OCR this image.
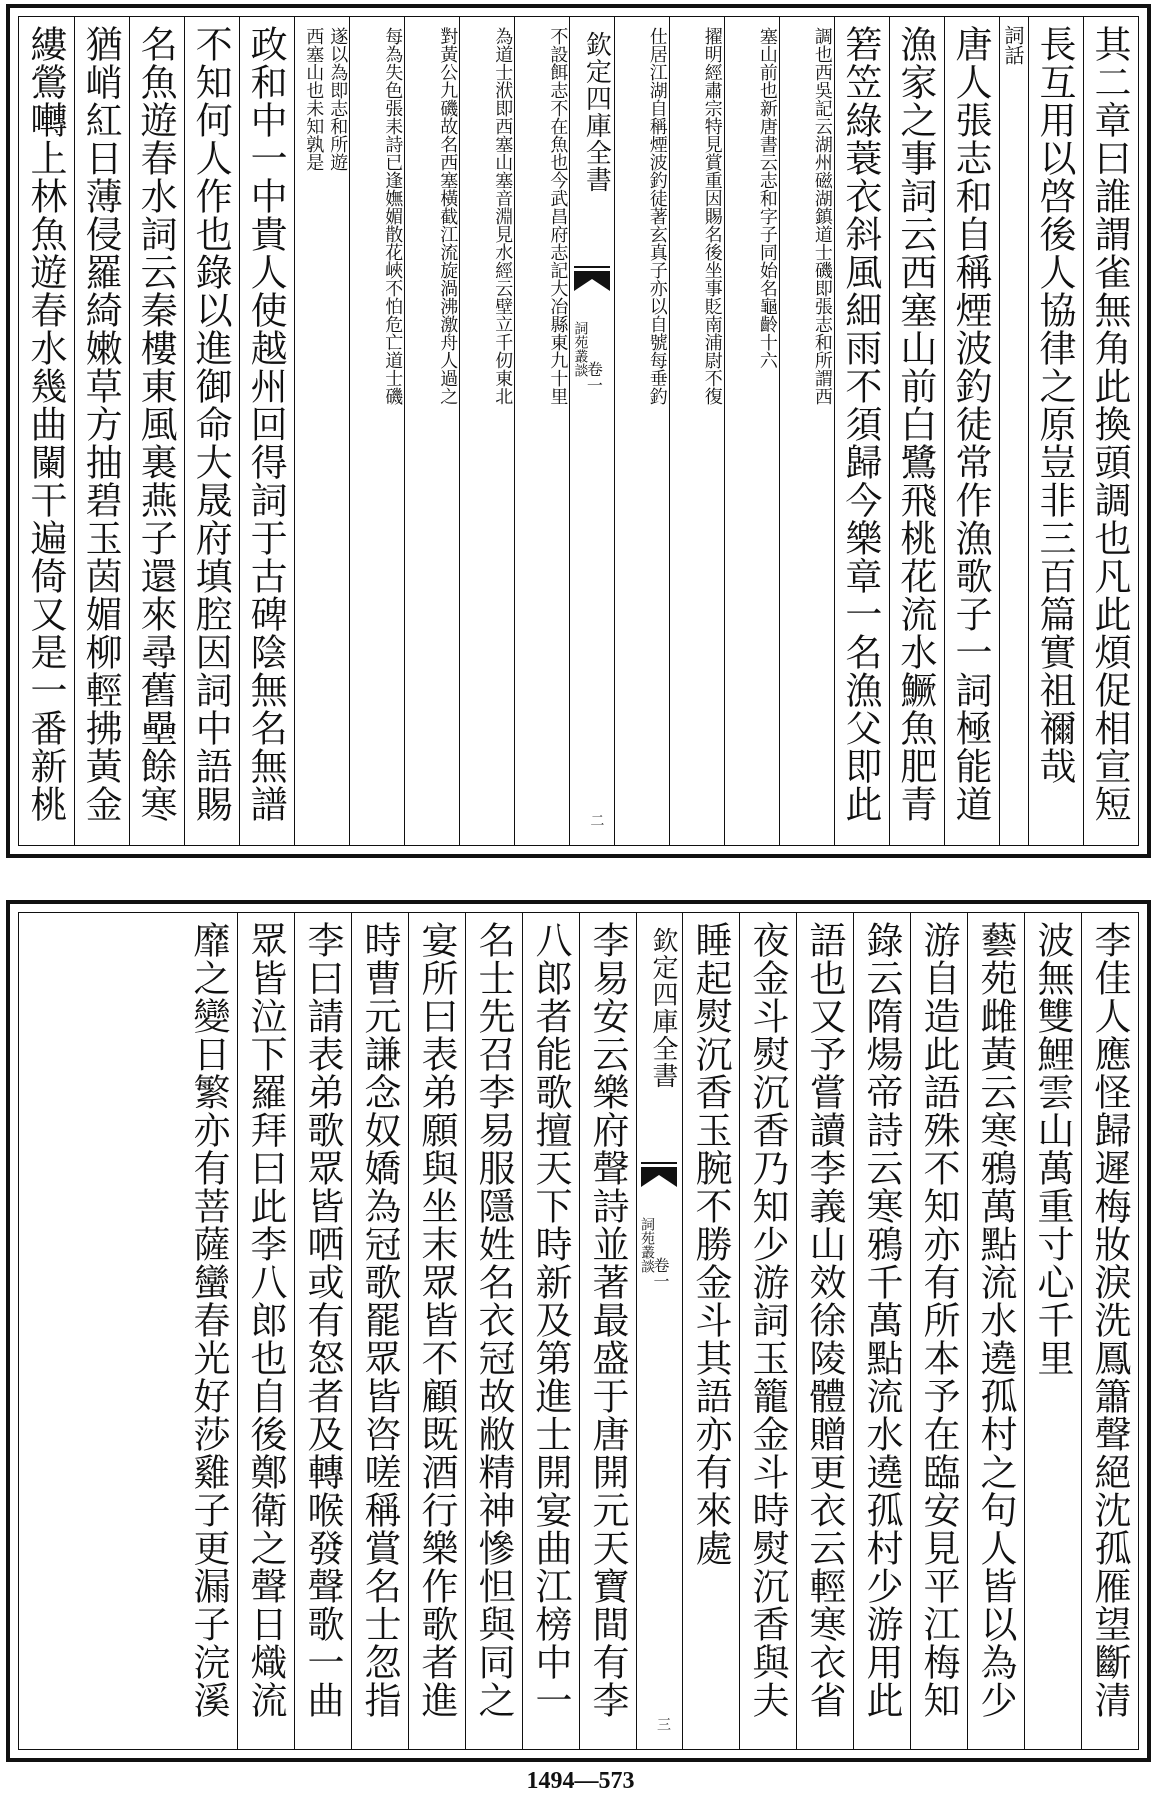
其二章曰誰謂雀無角此換頭調也凡此煩促相宣短
長互用以啓後人協律之原豈非三百篇實祖禰哉
詞話
唐人張志和自稱煙波釣徒常作漁歌子一詞極能道
漁家之事詞云西塞山前白鷺飛桃花流水鱖魚肥青
箬笠綠蓑衣斜風細雨不須歸今樂章一名漁父即此
調也西吳記云湖州磁湖鎮道士磯即張志和所謂西
塞山前也新唐書云志和字子同始名龜齡十六
擢明經肅宗特見賞重因賜名後坐事貶南浦尉不復
仕居江湖自稱煙波釣徒著玄真子亦以自號每垂釣
欽定四庫全書
詞苑叢談
卷一
二
不設餌志不在魚也今武昌府志記大冶縣東九十里
為道士洑即西塞山塞音淵見水經云壁立千仞東北
對黃公九磯故名西塞橫截江流旋渦沸激舟人過之
每為失色張耒詩已逢嫵媚散花峽不怕危亡道士磯
遂以為即志和所遊
西塞山也未知孰是
政和中一中貴人使越州回得詞于古碑陰無名無譜
不知何人作也錄以進御命大晟府填腔因詞中語賜
名魚遊春水詞云秦樓東風裏燕子還來尋舊壘餘寒
猶峭紅日薄侵羅綺嫩草方抽碧玉茵媚柳輕拂黃金
縷鶯囀上林魚遊春水幾曲闌干遍倚又是一番新桃
李佳人應怪歸遲梅妝淚洗鳳簫聲絕沈孤雁望斷清
波無雙鯉雲山萬重寸心千里
藝苑雌黃云寒鴉萬點流水遶孤村之句人皆以為少
游自造此語殊不知亦有所本予在臨安見平江梅知
錄云隋煬帝詩云寒鴉千萬點流水遶孤村少游用此
語也又予嘗讀李義山效徐陵體贈更衣云輕寒衣省
夜金斗熨沉香乃知少游詞玉籠金斗時熨沉香與夫
睡起熨沉香玉腕不勝金斗其語亦有來處
欽定四庫全書
詞苑叢談
卷一
三
李易安云樂府聲詩並著最盛于唐開元天寶間有李
八郎者能歌擅天下時新及第進士開宴曲江榜中一
名士先召李易服隱姓名衣冠故敝精神慘怛與同之
宴所曰表弟願與坐末眾皆不顧既酒行樂作歌者進
時曹元謙念奴嬌為冠歌罷眾皆咨嗟稱賞名士忽指
李曰請表弟歌眾皆哂或有怒者及轉喉發聲歌一曲
眾皆泣下羅拜曰此李八郎也自後鄭衛之聲日熾流
靡之變日繁亦有菩薩蠻春光好莎雞子更漏子浣溪
1494—573
